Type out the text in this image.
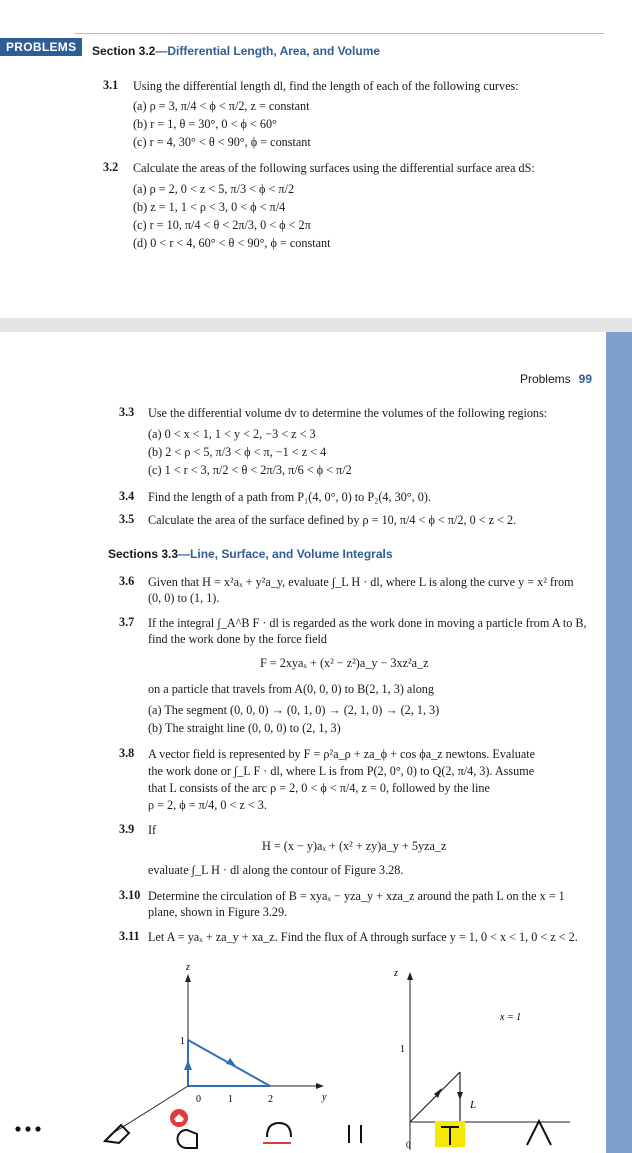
PROBLEMS	Section 3.2—Differential Length, Area, and Volume
3.1 Using the differential length dl, find the length of each of the following curves:
(a) ρ = 3, π/4 < ϕ < π/2, z = constant
(b) r = 1, θ = 30°, 0 < ϕ < 60°
(c) r = 4, 30° < θ < 90°, ϕ = constant
3.2 Calculate the areas of the following surfaces using the differential surface area dS:
(a) ρ = 2, 0 < z < 5, π/3 < ϕ < π/2
(b) z = 1, 1 < ρ < 3, 0 < ϕ < π/4
(c) r = 10, π/4 < θ < 2π/3, 0 < ϕ < 2π
(d) 0 < r < 4, 60° < θ < 90°, ϕ = constant
Problems 99
3.3 Use the differential volume dv to determine the volumes of the following regions:
(a) 0 < x < 1, 1 < y < 2, −3 < z < 3
(b) 2 < ρ < 5, π/3 < ϕ < π, −1 < z < 4
(c) 1 < r < 3, π/2 < θ < 2π/3, π/6 < ϕ < π/2
3.4 Find the length of a path from P₁(4, 0°, 0) to P₂(4, 30°, 0).
3.5 Calculate the area of the surface defined by ρ = 10, π/4 < ϕ < π/2, 0 < z < 2.
Sections 3.3—Line, Surface, and Volume Integrals
3.6 Given that H = x²aₓ + y²a_y, evaluate ∫_L H · dl, where L is along the curve y = x² from
(0, 0) to (1, 1).
3.7 If the integral ∫_A^B F · dl is regarded as the work done in moving a particle from A to B,
find the work done by the force field
F = 2xyaₓ + (x² − z²)a_y − 3xz²a_z
on a particle that travels from A(0, 0, 0) to B(2, 1, 3) along
(a) The segment (0, 0, 0) → (0, 1, 0) → (2, 1, 0) → (2, 1, 3)
(b) The straight line (0, 0, 0) to (2, 1, 3)
3.8 A vector field is represented by F = ρ²a_ρ + za_ϕ + cos ϕa_z newtons. Evaluate
the work done or ∫_L F · dl, where L is from P(2, 0°, 0) to Q(2, π/4, 3). Assume
that L consists of the arc ρ = 2, 0 < ϕ < π/4, z = 0, followed by the line
ρ = 2, ϕ = π/4, 0 < z < 3.
3.9 If
H = (x − y)aₓ + (x² + zy)a_y + 5yza_z
evaluate ∫_L H · dl along the contour of Figure 3.28.
3.10 Determine the circulation of B = xyaₓ − yza_y + xza_z around the path L on the x = 1
plane, shown in Figure 3.29.
3.11 Let A = yaₓ + za_y + xa_z. Find the flux of A through surface y = 1, 0 < x < 1, 0 < z < 2.
z
y
1
0	1	2
z
1
x = 1
L
0
